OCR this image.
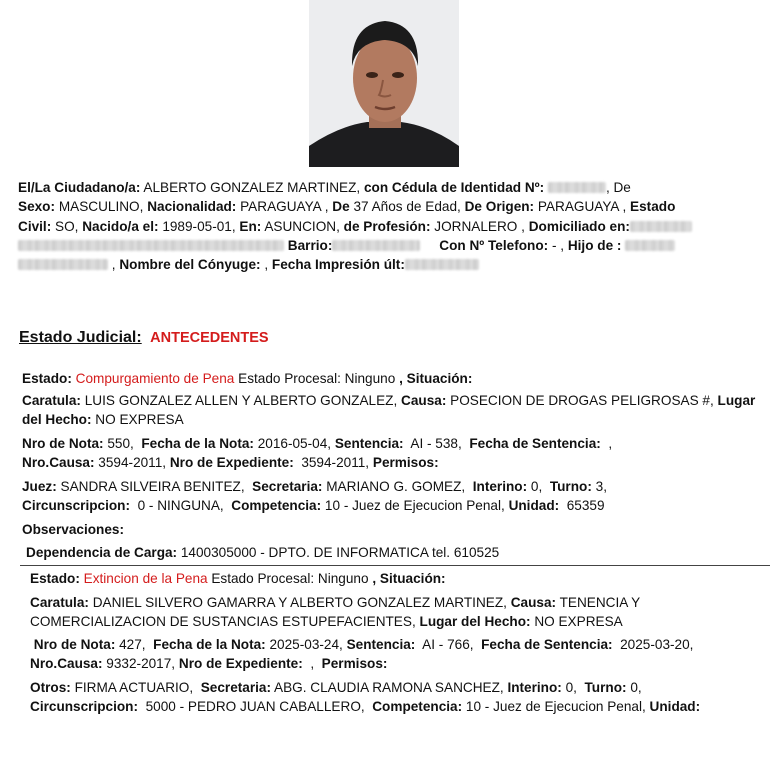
El/La Ciudadano/a: ALBERTO GONZALEZ MARTINEZ, con Cédula de Identidad Nº:	, De
Sexo: MASCULINO, Nacionalidad: PARAGUAYA , De 37 Años de Edad, De Origen: PARAGUAYA , Estado
Civil: SO, Nacido/a el: 1989-05-01, En: ASUNCION, de Profesión: JORNALERO , Domiciliado en:
Barrio:	Con Nº Telefono: - , Hijo de :
, Nombre del Cónyuge: , Fecha Impresión últ:
Estado Judicial: ANTECEDENTES
Estado: Compurgamiento de Pena Estado Procesal: Ninguno , Situación:
Caratula: LUIS GONZALEZ ALLEN Y ALBERTO GONZALEZ, Causa: POSECION DE DROGAS PELIGROSAS #, Lugar del Hecho: NO EXPRESA
Nro de Nota: 550, Fecha de la Nota: 2016-05-04, Sentencia: AI - 538, Fecha de Sentencia: ,
Nro.Causa: 3594-2011, Nro de Expediente: 3594-2011, Permisos:
Juez: SANDRA SILVEIRA BENITEZ, Secretaria: MARIANO G. GOMEZ, Interino: 0, Turno: 3,
Circunscripcion: 0 - NINGUNA, Competencia: 10 - Juez de Ejecucion Penal, Unidad: 65359
Observaciones:
Dependencia de Carga: 1400305000 - DPTO. DE INFORMATICA tel. 610525
Estado: Extincion de la Pena Estado Procesal: Ninguno , Situación:
Caratula: DANIEL SILVERO GAMARRA Y ALBERTO GONZALEZ MARTINEZ, Causa: TENENCIA Y COMERCIALIZACION DE SUSTANCIAS ESTUPEFACIENTES, Lugar del Hecho: NO EXPRESA
Nro de Nota: 427, Fecha de la Nota: 2025-03-24, Sentencia: AI - 766, Fecha de Sentencia: 2025-03-20,
Nro.Causa: 9332-2017, Nro de Expediente: , Permisos:
Otros: FIRMA ACTUARIO, Secretaria: ABG. CLAUDIA RAMONA SANCHEZ, Interino: 0, Turno: 0,
Circunscripcion: 5000 - PEDRO JUAN CABALLERO, Competencia: 10 - Juez de Ejecucion Penal, Unidad:
